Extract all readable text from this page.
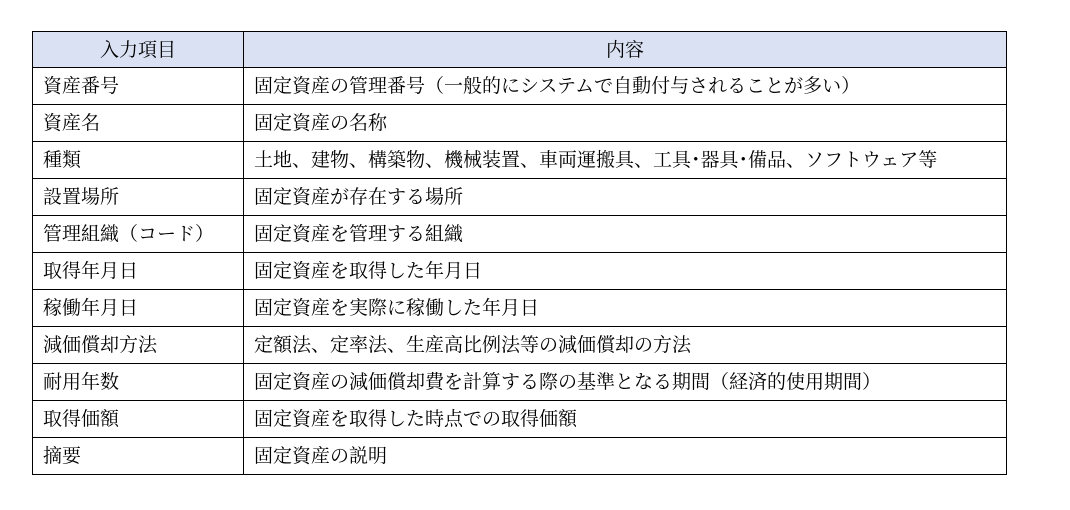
入力項目	内容
資産番号	固定資産の管理番号（一般的にシステムで自動付与されることが多い）
資産名	固定資産の名称
種類	土地、建物、構築物、機械装置、車両運搬具、工具･器具･備品、ソフトウェア等
設置場所	固定資産が存在する場所
管理組織（コード）	固定資産を管理する組織
取得年月日	固定資産を取得した年月日
稼働年月日	固定資産を実際に稼働した年月日
減価償却方法	定額法、定率法、生産高比例法等の減価償却の方法
耐用年数	固定資産の減価償却費を計算する際の基準となる期間（経済的使用期間）
取得価額	固定資産を取得した時点での取得価額
摘要	固定資産の説明
